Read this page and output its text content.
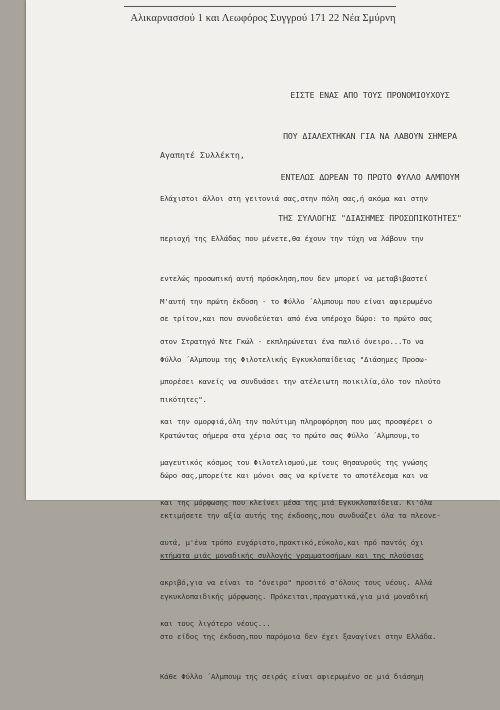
Αλικαρνασσού 1 και Λεωφόρος Συγγρού 171 22 Νέα Σμύρνη

ΕΙΣΤΕ ΕΝΑΣ ΑΠΟ ΤΟΥΣ ΠΡΟΝΟΜΙΟΥΧΟΥΣ

ΠΟΥ ΔΙΑΛΕΧΤΗΚΑΝ ΓΙΑ ΝΑ ΛΑΒΟΥΝ ΣΗΜΕΡΑ

ΕΝΤΕΛΩΣ ΔΩΡΕΑΝ ΤΟ ΠΡΩΤΟ ΦΥΛΛΟ ΑΛΜΠΟΥΜ

ΤΗΣ ΣΥΛΛΟΓΗΣ "ΔΙΑΣΗΜΕΣ ΠΡΟΣΩΠΙΚΟΤΗΤΕΣ"

Αγαπητέ Συλλέκτη,

Ελάχιστοι άλλοι στη γειτονιά σας,στην πόλη σας,ή ακόμα και στην

περιοχή της Ελλάδας που μένετε,θα έχουν την τύχη να λάβουν την

εντελώς προσωπική αυτή πρόσκληση,που δεν μπορεί να μεταβιβαστεί

σε τρίτον,και που συνοδεύεται από ένα υπέροχο δώρο: το πρώτο σας

Φύλλο ´Αλμπουμ της Φιλοτελικής Εγκυκλοπαίδειας "Διάσημες Προσω-

πικότητες".

Μ'αυτή την πρώτη έκδοση - το Φύλλο ´Αλμπουμ που είναι αφιερωμένο

στον Στρατηγό Ντε Γκώλ - εκπληρώνεται ένα παλιό όνειρο...Το να

μπορέσει κανείς να συνδυάσει την ατέλειωτη ποικιλία,όλο τον πλούτο

και την ομορφιά,όλη την πολύτιμη πληροφόρηση που μας προσφέρει ο

μαγευτικός κόσμος του Φιλοτελισμού,με τους θησαυρούς της γνώσης

και της μόρφωσης που κλείνει μέσα της μιά Εγκυκλοπαίδεια. Κι'όλα

αυτά, μ'ένα τρόπο ευχάριστο,πρακτικό,εύκολο,και πρό παντός όχι

ακριβό,για να είναι το "όνειρο" προσιτό σ'όλους τους νέους. Αλλά

και τους λιγότερο νέους...

Κρατώντας σήμερα στα χέρια σας το πρώτο σας Φύλλο ´Αλμπουμ,το

δώρο σας,μπορείτε και μόνοι σας να κρίνετε το αποτέλεσμα και να

εκτιμήσετε την αξία αυτής της έκδοσης,που συνδυάζει όλα τα πλεονε-

κτήματα μιάς μοναδικής συλλογής γραμματοσήμων και της πλούσιας

εγκυκλοπαιδικής μόρφωσης. Πρόκειται,πραγματικά,για μιά μοναδική

στο είδος της έκδοση,που παρόμοια δεν έχει ξαναγίνει στην Ελλάδα.

Κάθε Φύλλο ´Αλμπουμ της σειράς είναι αφιερωμένο σε μιά διάσημη
